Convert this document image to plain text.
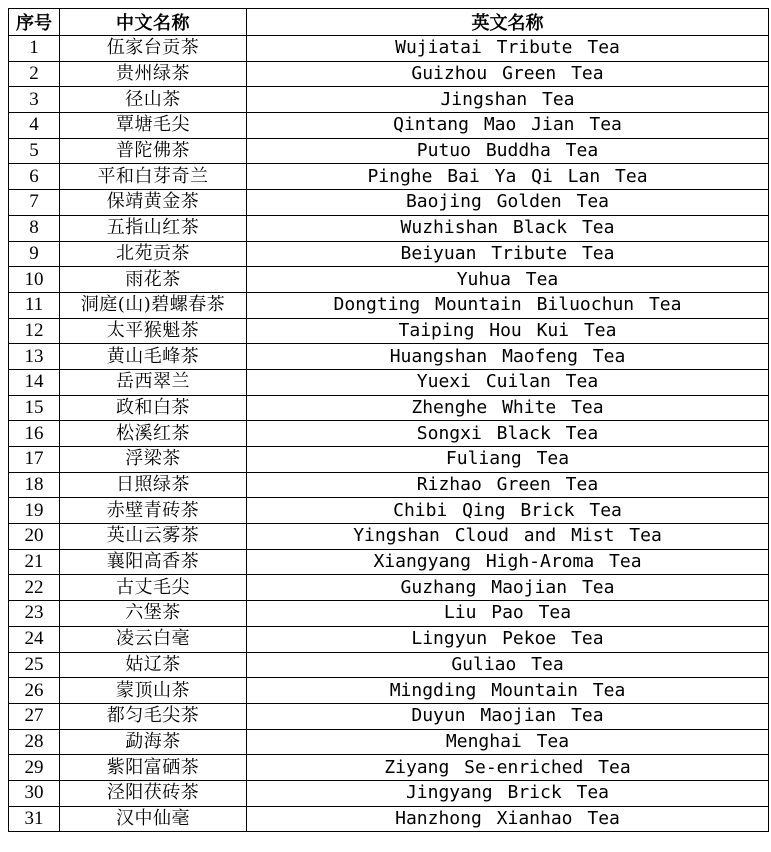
序号	中文名称	英文名称
1	伍家台贡茶	Wujiatai Tribute Tea
2	贵州绿茶	Guizhou Green Tea
3	径山茶	Jingshan Tea
4	覃塘毛尖	Qintang Mao Jian Tea
5	普陀佛茶	Putuo Buddha Tea
6	平和白芽奇兰	Pinghe Bai Ya Qi Lan Tea
7	保靖黄金茶	Baojing Golden Tea
8	五指山红茶	Wuzhishan Black Tea
9	北苑贡茶	Beiyuan Tribute Tea
10	雨花茶	Yuhua Tea
11	洞庭(山)碧螺春茶	Dongting Mountain Biluochun Tea
12	太平猴魁茶	Taiping Hou Kui Tea
13	黄山毛峰茶	Huangshan Maofeng Tea
14	岳西翠兰	Yuexi Cuilan Tea
15	政和白茶	Zhenghe White Tea
16	松溪红茶	Songxi Black Tea
17	浮梁茶	Fuliang Tea
18	日照绿茶	Rizhao Green Tea
19	赤壁青砖茶	Chibi Qing Brick Tea
20	英山云雾茶	Yingshan Cloud and Mist Tea
21	襄阳高香茶	Xiangyang High-Aroma Tea
22	古丈毛尖	Guzhang Maojian Tea
23	六堡茶	Liu Pao Tea
24	凌云白毫	Lingyun Pekoe Tea
25	姑辽茶	Guliao Tea
26	蒙顶山茶	Mingding Mountain Tea
27	都匀毛尖茶	Duyun Maojian Tea
28	勐海茶	Menghai Tea
29	紫阳富硒茶	Ziyang Se-enriched Tea
30	泾阳茯砖茶	Jingyang Brick Tea
31	汉中仙毫	Hanzhong Xianhao Tea
